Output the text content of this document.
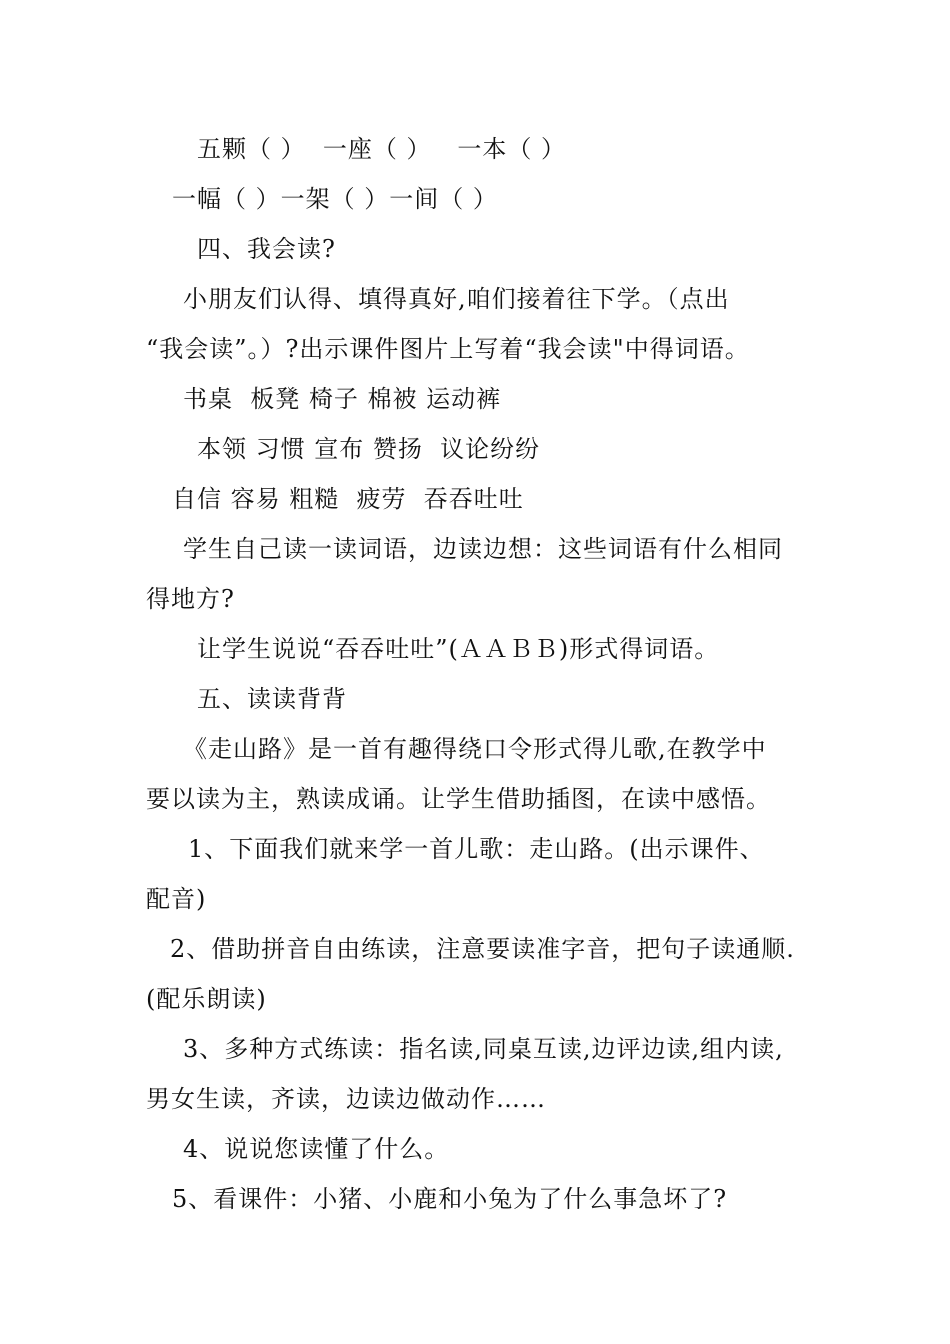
五颗（ ）  一座（ ）   一本（ ）
一幅（ ）一架（ ）一间（ ）
四、我会读?
小朋友们认得、填得真好,咱们接着往下学。（点出
“我会读”。）?出示课件图片上写着“我会读"中得词语。
书桌  板凳 椅子 棉被 运动裤
本领 习惯 宣布 赞扬  议论纷纷
自信 容易 粗糙  疲劳  吞吞吐吐
学生自己读一读词语，边读边想：这些词语有什么相同
得地方?
让学生说说“吞吞吐吐”(ＡＡＢＢ)形式得词语。
五、读读背背
《走山路》是一首有趣得绕口令形式得儿歌,在教学中
要以读为主，熟读成诵。让学生借助插图，在读中感悟。
1、下面我们就来学一首儿歌：走山路。(出示课件、
配音)
2、借助拼音自由练读，注意要读准字音，把句子读通顺.
(配乐朗读)
3、多种方式练读：指名读,同桌互读,边评边读,组内读,
男女生读，齐读，边读边做动作……
4、说说您读懂了什么。
5、看课件：小猪、小鹿和小兔为了什么事急坏了?
